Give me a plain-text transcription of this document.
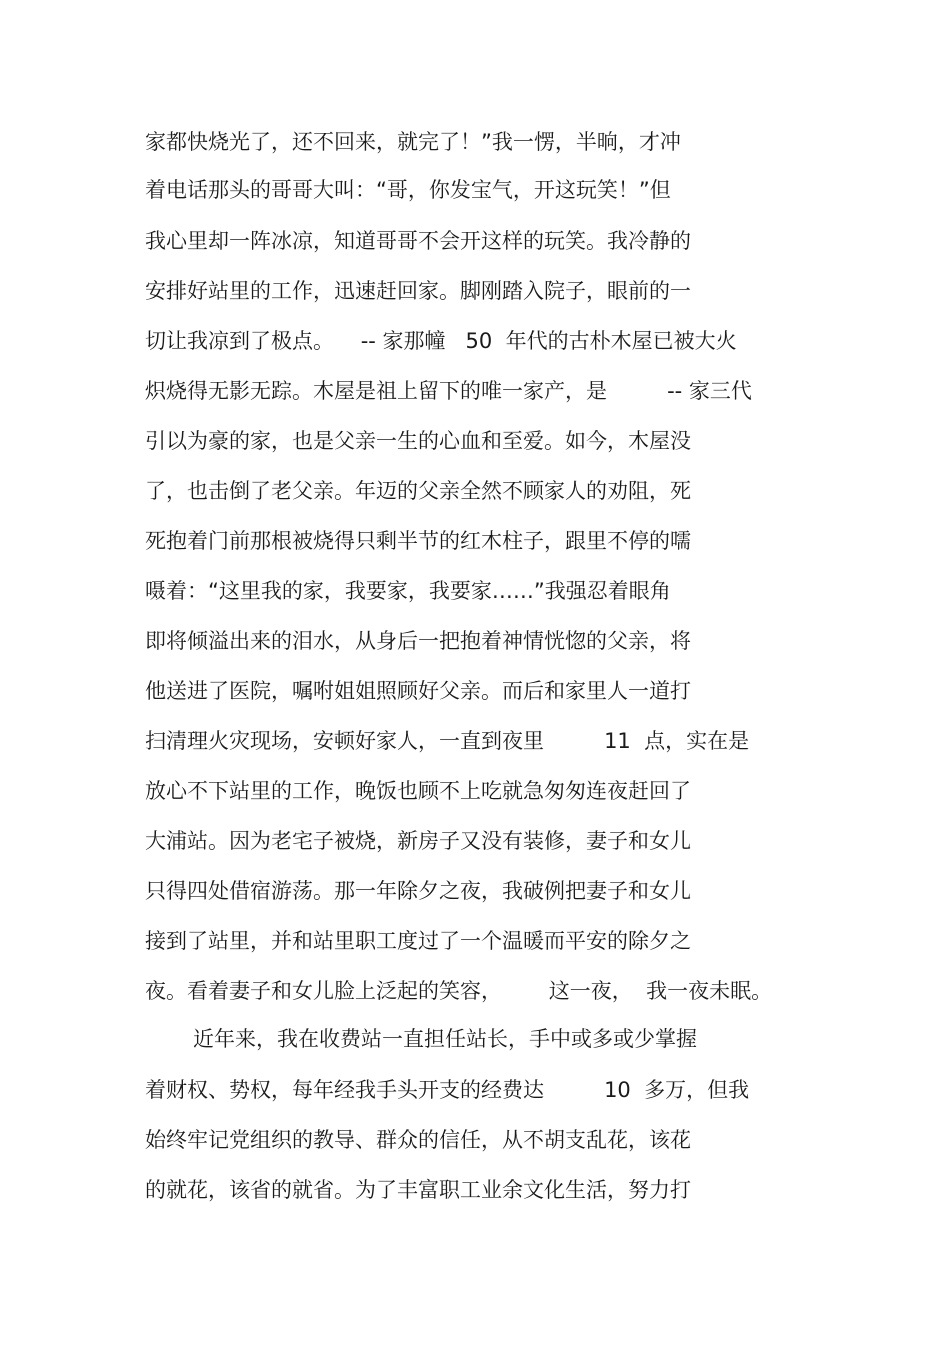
家都快烧光了，还不回来，就完了！”我一愣，半晌，才冲
着电话那头的哥哥大叫：“哥，你发宝气，开这玩笑！”但
我心里却一阵冰凉，知道哥哥不会开这样的玩笑。我冷静的
安排好站里的工作，迅速赶回家。脚刚踏入院子，眼前的一
切让我凉到了极点。    -- 家那幢   50  年代的古朴木屋已被大火
炽烧得无影无踪。木屋是祖上留下的唯一家产，是         -- 家三代
引以为豪的家，也是父亲一生的心血和至爱。如今，木屋没
了，也击倒了老父亲。年迈的父亲全然不顾家人的劝阻，死
死抱着门前那根被烧得只剩半节的红木柱子，跟里不停的嚅
嗫着：“这里我的家，我要家，我要家……”我强忍着眼角
即将倾溢出来的泪水，从身后一把抱着神情恍惚的父亲，将
他送进了医院，嘱咐姐姐照顾好父亲。而后和家里人一道打
扫清理火灾现场，安顿好家人，一直到夜里         11  点，实在是
放心不下站里的工作，晚饭也顾不上吃就急匆匆连夜赶回了
大浦站。因为老宅子被烧，新房子又没有装修，妻子和女儿
只得四处借宿游荡。那一年除夕之夜，我破例把妻子和女儿
接到了站里，并和站里职工度过了一个温暖而平安的除夕之
夜。看着妻子和女儿脸上泛起的笑容，       这一夜，  我一夜未眠。
近年来，我在收费站一直担任站长，手中或多或少掌握
着财权、势权，每年经我手头开支的经费达         10  多万，但我
始终牢记党组织的教导、群众的信任，从不胡支乱花，该花
的就花，该省的就省。为了丰富职工业余文化生活，努力打
